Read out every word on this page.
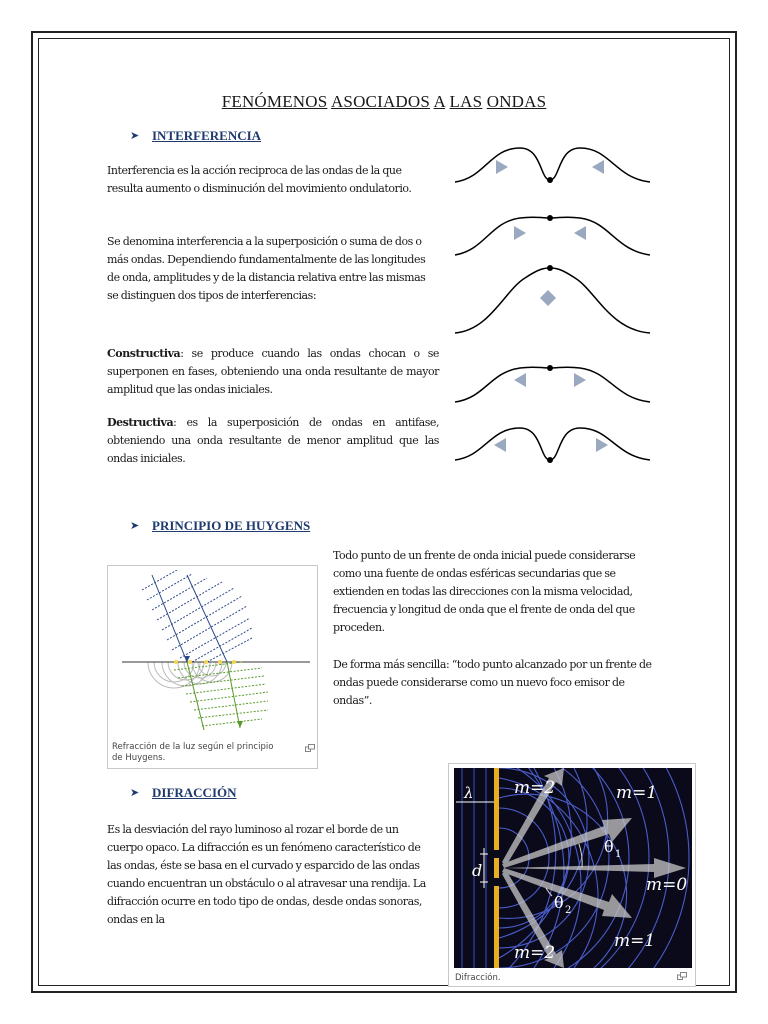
FENÓMENOS ASOCIADOS A LAS ONDAS
➤ INTERFERENCIA

Interferencia es la acción reciproca de las ondas de la que resulta aumento o disminución del movimiento ondulatorio.

Se denomina interferencia a la superposición o suma de dos o más ondas. Dependiendo fundamentalmente de las longitudes de onda, amplitudes y de la distancia relativa entre las mismas se distinguen dos tipos de interferencias:

Constructiva: se produce cuando las ondas chocan o se superponen en fases, obteniendo una onda resultante de mayor amplitud que las ondas iniciales.

Destructiva: es la superposición de ondas en antifase, obteniendo una onda resultante de menor amplitud que las ondas iniciales.

➤ PRINCIPIO DE HUYGENS
Refracción de la luz según el principio de Huygens.

Todo punto de un frente de onda inicial puede considerarse como una fuente de ondas esféricas secundarias que se extienden en todas las direcciones con la misma velocidad, frecuencia y longitud de onda que el frente de onda del que proceden.

De forma más sencilla: “todo punto alcanzado por un frente de ondas puede considerarse como un nuevo foco emisor de ondas”.

➤ DIFRACCIÓN

Es la desviación del rayo luminoso al rozar el borde de un cuerpo opaco. La difracción es un fenómeno característico de las ondas, éste se basa en el curvado y esparcido de las ondas cuando encuentran un obstáculo o al atravesar una rendija. La difracción ocurre en todo tipo de ondas, desde ondas sonoras, ondas en la

m=2	m=1
m=0
m=2
m=1
λ
d
θ 1
θ 2
Difracción.
